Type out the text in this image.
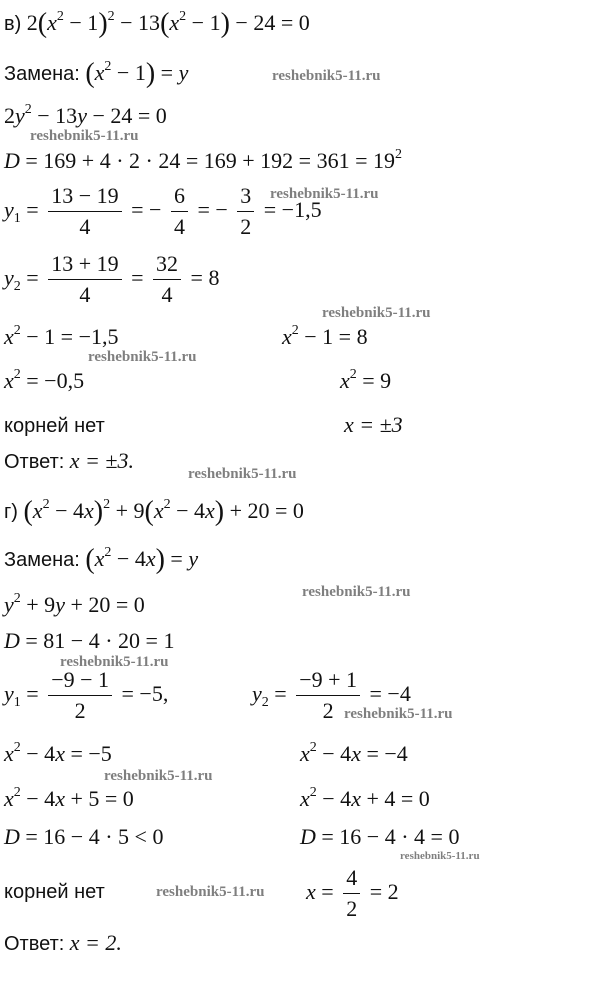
в) $2(x^2 - 1)^2 - 13(x^2 - 1) - 24 = 0$
Замена: $(x^2 - 1) = y$	reshebnik5-11.ru
$2y^2 - 13y - 24 = 0$
reshebnik5-11.ru
$D = 169 + 4 \cdot 2 \cdot 24 = 169 + 192 = 361 = 19^2$
$y_1 = \frac{13 - 19}{4}$ = − $\frac{6}{4}$ = − $\frac{3}{2} = -1,5$
reshebnik5-11.ru
$y_2 = \frac{13 + 19}{4} = \frac{32}{4} = 8$
reshebnik5-11.ru
$x^2 - 1 = -1,5$	$x^2 - 1 = 8$
reshebnik5-11.ru
$x^2 = -0,5$	$x^2 = 9$
корней нет	x = ±3
Ответ: x = ±3.
reshebnik5-11.ru
г) $(x^2 - 4x)^2 + 9(x^2 - 4x) + 20 = 0$
Замена: $(x^2 - 4x) = y$
reshebnik5-11.ru
$y^2 + 9y + 20 = 0$
D = 81 − 4 · 20 = 1
reshebnik5-11.ru
$y_1 = \frac{-9 - 1}{2} = -5$,	$y_2 = \frac{-9 + 1}{2} = -4$
reshebnik5-11.ru
$x^2 - 4x = -5$	$x^2 - 4x = -4$
reshebnik5-11.ru
$x^2 - 4x + 5 = 0$	$x^2 - 4x + 4 = 0$
D = 16 − 4 · 5 < 0	D = 16 − 4 · 4 = 0
reshebnik5-11.ru
корней нет	reshebnik5-11.ru $x = \frac{4}{2} = 2$
Ответ: x = 2.
